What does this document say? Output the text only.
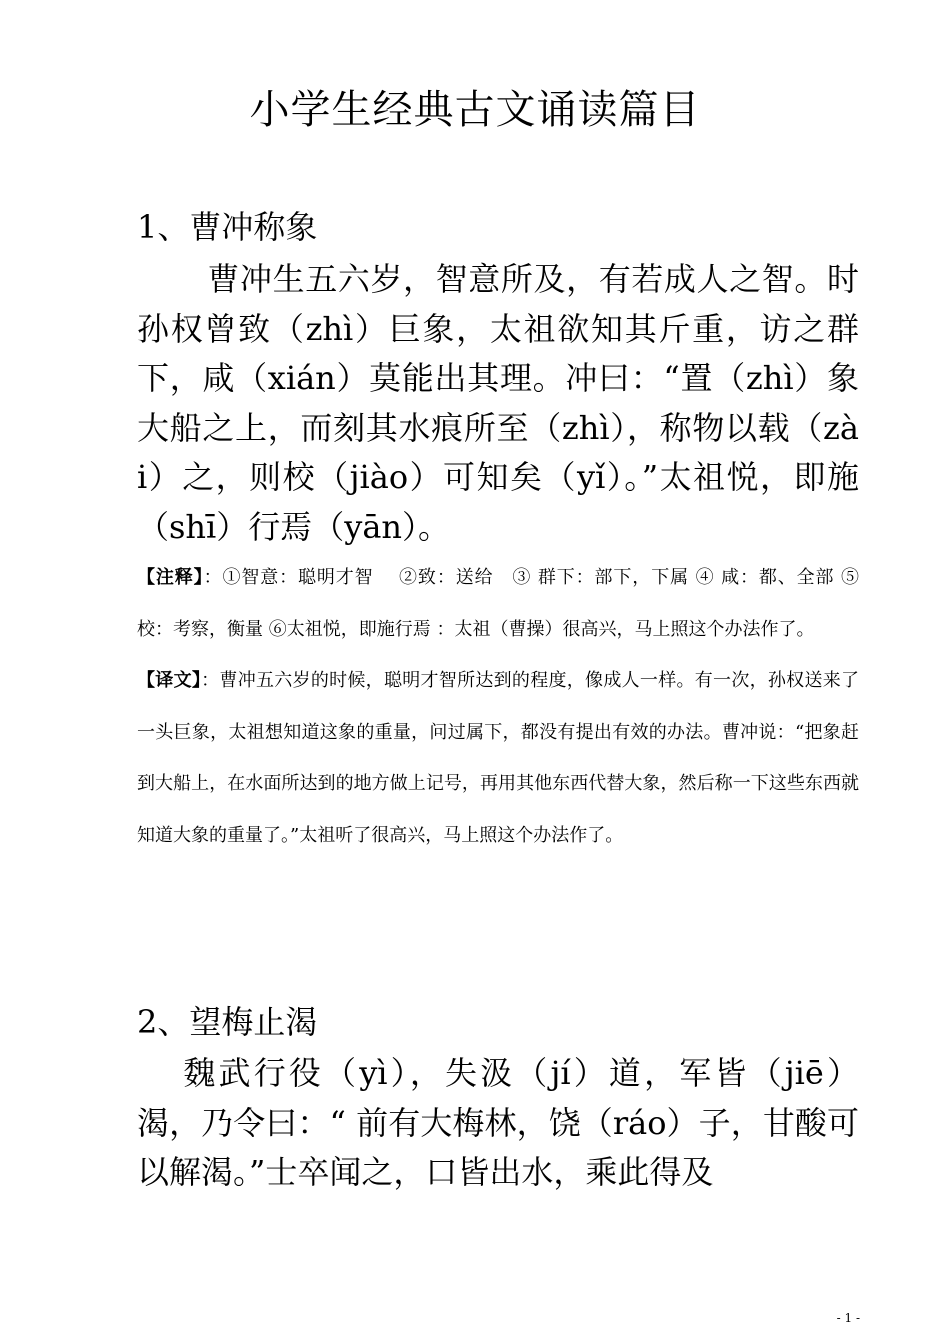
小学生经典古文诵读篇目
1、曹冲称象

曹冲生五六岁，智意所及，有若成人之智。时孙权曾致（zhì）巨象，太祖欲知其斤重，访之群下，咸（xián）莫能出其理。冲曰：“置（zhì）象大船之上，而刻其水痕所至（zhì），称物以载（zài）之，则校（jiào）可知矣（yǐ）。”太祖悦，即施（shī）行焉（yān）。

【注释】：①智意：聪明才智　 ②致：送给　③ 群下：部下，下属 ④ 咸：都、全部 ⑤ 校：考察，衡量 ⑥太祖悦，即施行焉 ：太祖（曹操）很高兴，马上照这个办法作了。

【译文】：曹冲五六岁的时候，聪明才智所达到的程度，像成人一样。有一次，孙权送来了一头巨象，太祖想知道这象的重量，问过属下，都没有提出有效的办法。曹冲说：“把象赶到大船上，在水面所达到的地方做上记号，再用其他东西代替大象，然后称一下这些东西就知道大象的重量了。”太祖听了很高兴，马上照这个办法作了。

2、望梅止渴

魏武行役（yì），失汲（jí）道，军皆（jiē）渴，乃令曰：“ 前有大梅林，饶（ráo）子，甘酸可以解渴。”士卒闻之，口皆出水，乘此得及

- 1 -
